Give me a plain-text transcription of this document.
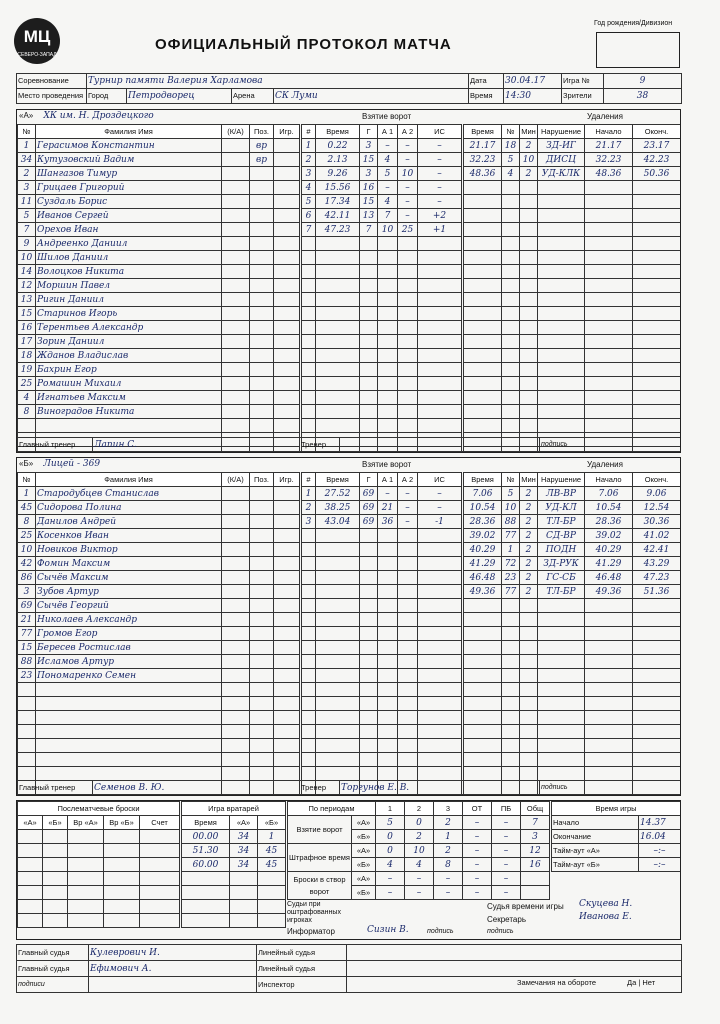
МЦ
СЕВЕРО-ЗАПАД
ОФИЦИАЛЬНЫЙ ПРОТОКОЛ МАТЧА
Год рождения/Дивизион
Соревнование	Турнир памяти Валерия Харламова				Дата	30.04.17	Игра №	9
Место проведения	Город	Петродворец	Арена	СК Луми	Время	14:30	Зрители	38
«А» ХК им. Н. Дроздецкого	Взятие ворот	Удаления
№	Фамилия Имя	(К/А)	Поз.	Игр.
1	Герасимов Константин		вр	
34	Кутузовский Вадим		вр	
2	Шангазов Тимур			
3	Грицаев Григорий			
11	Суздаль Борис			
5	Иванов Сергей			
7	Орехов Иван			
9	Андреенко Даниил			
10	Шилов Даниил			
14	Волоцков Никита			
12	Моршин Павел			
13	Ригин Даниил			
15	Старинов Игорь			
16	Терентьев Александр			
17	Зорин Даниил			
18	Жданов Владислав			
19	Бахрин Егор			
25	Ромашин Михаил			
4	Игнатьев Максим			
8	Виноградов Никита			

#	Время	Г	А 1	А 2	ИС
1	0.22	3	–	–	–
2	2.13	15	4	–	–
3	9.26	3	5	10	–
4	15.56	16	–	–	–
5	17.34	15	4	–	–
6	42.11	13	7	–	+2
7	47.23	7	10	25	+1

Время	№	Мин	Нарушение	Начало	Оконч.
21.17	18	2	ЗД-ИГ	21.17	23.17
32.23	5	10	ДИСЦ	32.23	42.23
48.36	4	2	УД-КЛК	48.36	50.36

Главный тренер	Лапин С.	Тренер		подпись
«Б» Лицей - 369	Взятие ворот	Удаления
№	Фамилия Имя	(К/А)	Поз.	Игр.
1	Стародубцев Станислав			
45	Сидорова Полина			
8	Данилов Андрей			
25	Косенков Иван			
10	Новиков Виктор			
42	Фомин Максим			
86	Сычёв Максим			
3	Зубов Артур			
69	Сычёв Георгий			
21	Николаев Александр			
77	Громов Егор			
15	Бересев Ростислав			
88	Исламов Артур			
23	Пономаренко Семен			

#	Время	Г	А 1	А 2	ИС
1	27.52	69	–	–	–
2	38.25	69	21	–	–
3	43.04	69	36	–	-1

Время	№	Мин	Нарушение	Начало	Оконч.
7.06	5	2	ЛВ-ВР	7.06	9.06
10.54	10	2	УД-КЛ	10.54	12.54
28.36	88	2	ТЛ-БР	28.36	30.36
39.02	77	2	СД-ВР	39.02	41.02
40.29	1	2	ПОДН	40.29	42.41
41.29	72	2	ЗД-РУК	41.29	43.29
46.48	23	2	ГС-СБ	46.48	47.23
49.36	77	2	ТЛ-БР	49.36	51.36

Главный тренер	Семенов В. Ю.	Тренер	Торгунов Е. В.	подпись
Послематчевые броски				
«А»	«Б»	Вр «А»	Вр «Б»	Счет

Игра вратарей		
Время	«А»	«Б»
00.00	34	1
51.30	34	45
60.00	34	45

По периодам		1	2	3	ОТ	ПБ	Общ
Взятие ворот	«А»	5	0	2	–	–	7
	«Б»	0	2	1	–	–	3
Штрафное время	«А»	0	10	2	–	–	12
	«Б»	4	4	8	–	–	16
Броски в створ ворот	«А»	–	–	–	–	–	
	«Б»	–	–	–	–	–	
Время игры	
Начало	14.37
Окончание	16.04
Тайм-аут «А»	–:–
Тайм-аут «Б»	–:–
Судьи при оштрафованных игроках
Информатор	Сизин В.	подпись
Судья времени игры Скуцева Н.
Секретарь	Иванова Е.
подпись
Главный судья	Кулеврович И.	Линейный судья	
Главный судья	Ефимович А.	Линейный судья	
подписи		Инспектор	Замечания на обороте Да | Нет
